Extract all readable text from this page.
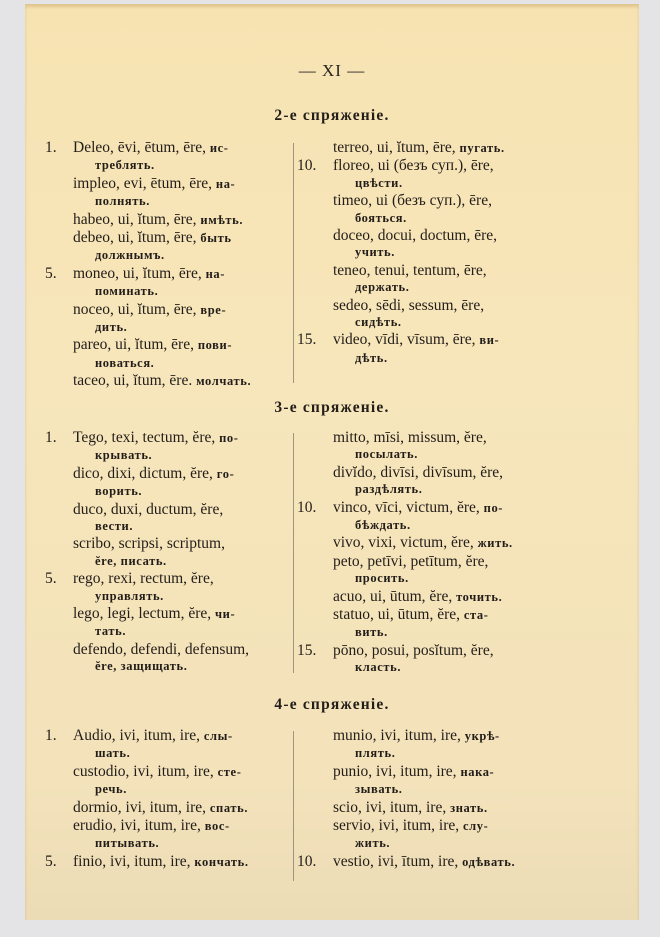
— XI —
2-е спряженіе.
1.	Deleo, ēvi, ētum, ēre, ис-
треблять.
impleo, evi, ētum, ēre, на-
полнять.
habeo, ui, ĭtum, ēre, имѣть.
debeo, ui, ĭtum, ēre, быть
должнымъ.
5.	moneo, ui, ĭtum, ēre, на-
поминать.
noceo, ui, ĭtum, ēre, вре-
дить.
pareo, ui, ĭtum, ēre, пови-
новаться.
taceo, ui, ĭtum, ēre. молчать.
terreo, ui, ĭtum, ēre, пугать.
10.	floreo, ui (безъ суп.), ēre,
цвѣсти.
timeo, ui (безъ суп.), ēre,
бояться.
doceo, docui, doctum, ēre,
учить.
teneo, tenui, tentum, ēre,
держать.
sedeo, sēdi, sessum, ēre,
сидѣть.
15.	video, vīdi, vīsum, ēre, ви-
дѣть.
3-е спряженіе.
1.	Tego, texi, tectum, ĕre, по-
крывать.
dico, dixi, dictum, ĕre, го-
ворить.
duco, duxi, ductum, ĕre,
вести.
scribo, scripsi, scriptum,
ĕre, писать.
5.	rego, rexi, rectum, ĕre,
управлять.
lego, legi, lectum, ĕre, чи-
тать.
defendo, defendi, defensum,
ĕre, защищать.
mitto, mīsi, missum, ĕre,
посылать.
divĭdo, divīsi, divīsum, ĕre,
раздѣлять.
10.	vinco, vīci, victum, ĕre, по-
бѣждать.
vivo, vixi, victum, ĕre, жить.
peto, petīvi, petītum, ĕre,
просить.
acuo, ui, ūtum, ĕre, точить.
statuo, ui, ūtum, ĕre, ста-
вить.
15.	pōno, posui, posĭtum, ĕre,
класть.
4-е спряженіе.
1.	Audio, ivi, itum, ire, слы-
шать.
custodio, ivi, itum, ire, сте-
речь.
dormio, ivi, itum, ire, спать.
erudio, ivi, itum, ire, вос-
питывать.
5.	finio, ivi, itum, ire, кончать.
munio, ivi, itum, ire, укрѣ-
плять.
punio, ivi, itum, ire, нака-
зывать.
scio, ivi, itum, ire, знать.
servio, ivi, itum, ire, слу-
жить.
10.	vestio, ivi, ītum, ire, одѣвать.
